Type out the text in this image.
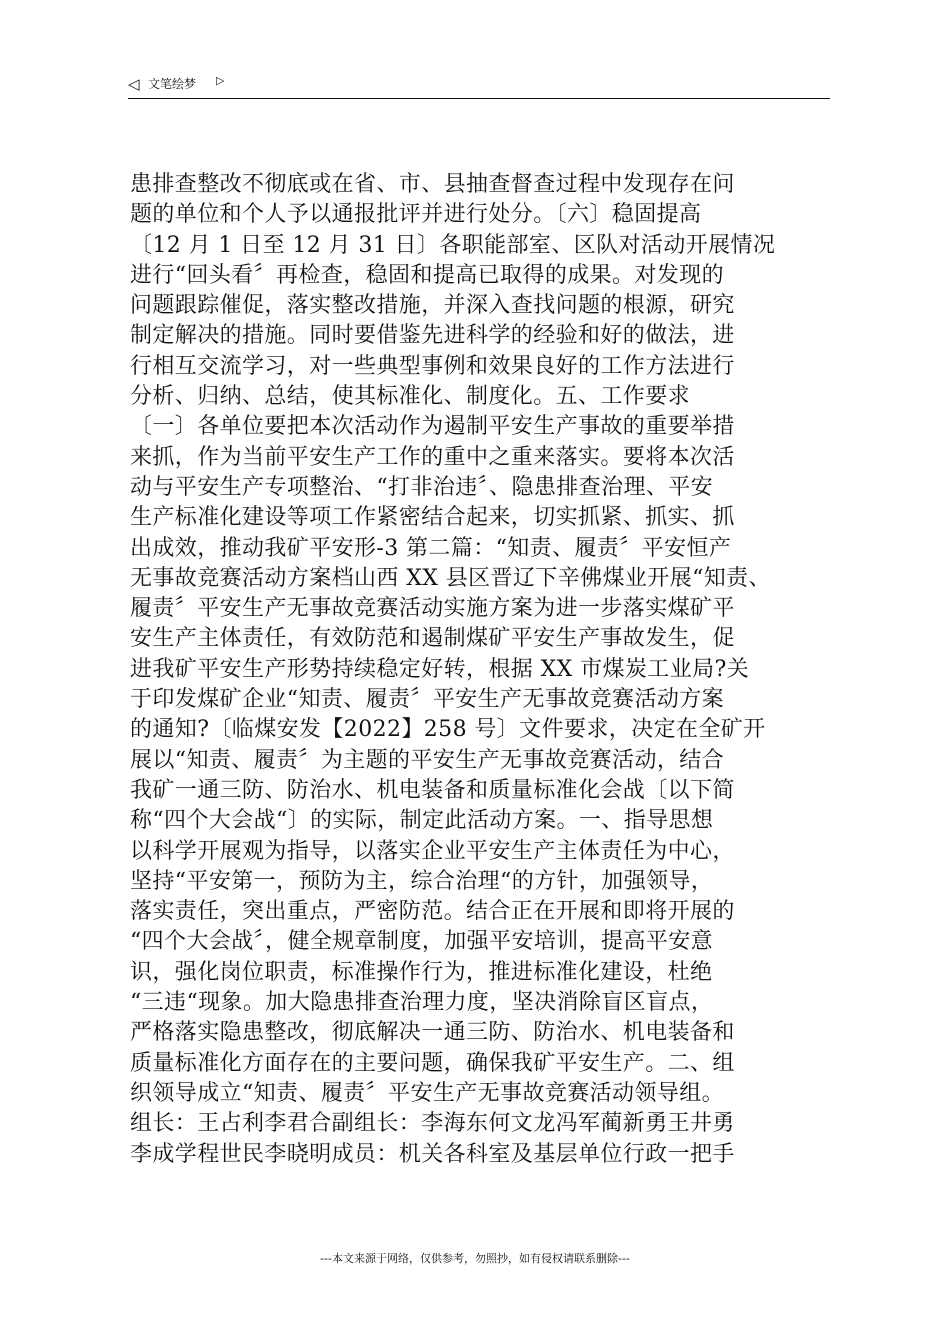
◁ 文笔绘梦 ▷
患排查整改不彻底或在省、市、县抽查督查过程中发现存在问
题的单位和个人予以通报批评并进行处分。〔六〕稳固提高
〔12 月 1 日至 12 月 31 日〕各职能部室、区队对活动开展情况
进行“回头看〞再检查，稳固和提高已取得的成果。对发现的
问题跟踪催促，落实整改措施，并深入查找问题的根源，研究
制定解决的措施。同时要借鉴先进科学的经验和好的做法，进
行相互交流学习，对一些典型事例和效果良好的工作方法进行
分析、归纳、总结，使其标准化、制度化。五、工作要求
〔一〕各单位要把本次活动作为遏制平安生产事故的重要举措
来抓，作为当前平安生产工作的重中之重来落实。要将本次活
动与平安生产专项整治、“打非治违〞、隐患排查治理、平安
生产标准化建设等项工作紧密结合起来，切实抓紧、抓实、抓
出成效，推动我矿平安形-3 第二篇：“知责、履责〞平安恒产
无事故竞赛活动方案档山西 XX 县区晋辽下辛佛煤业开展“知责、
履责〞平安生产无事故竞赛活动实施方案为进一步落实煤矿平
安生产主体责任，有效防范和遏制煤矿平安生产事故发生，促
进我矿平安生产形势持续稳定好转，根据 XX 市煤炭工业局?关
于印发煤矿企业“知责、履责〞平安生产无事故竞赛活动方案
的通知?〔临煤安发【2022】258 号〕文件要求，决定在全矿开
展以“知责、履责〞为主题的平安生产无事故竞赛活动，结合
我矿一通三防、防治水、机电装备和质量标准化会战〔以下简
称“四个大会战“〕的实际，制定此活动方案。一、指导思想
以科学开展观为指导，以落实企业平安生产主体责任为中心，
坚持“平安第一，预防为主，综合治理“的方针，加强领导，
落实责任，突出重点，严密防范。结合正在开展和即将开展的
“四个大会战〞，健全规章制度，加强平安培训，提高平安意
识，强化岗位职责，标准操作行为，推进标准化建设，杜绝
“三违“现象。加大隐患排查治理力度，坚决消除盲区盲点，
严格落实隐患整改，彻底解决一通三防、防治水、机电装备和
质量标准化方面存在的主要问题，确保我矿平安生产。二、组
织领导成立“知责、履责〞平安生产无事故竞赛活动领导组。
组长：王占利李君合副组长：李海东何文龙冯军蔺新勇王井勇
李成学程世民李晓明成员：机关各科室及基层单位行政一把手
---本文来源于网络，仅供参考，勿照抄，如有侵权请联系删除---
